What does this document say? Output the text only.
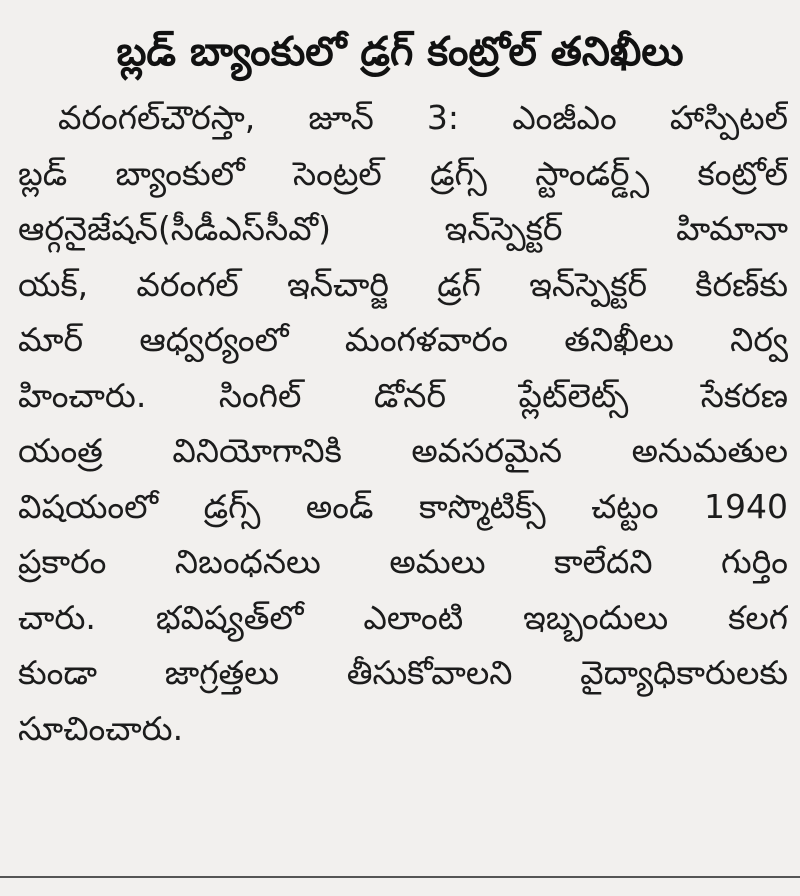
బ్లడ్ బ్యాంకులో డ్రగ్ కంట్రోల్ తనిఖీలు
వరంగల్‌చౌరస్తా, జూన్ 3: ఎంజీఎం హాస్పిటల్
బ్లడ్ బ్యాంకులో సెంట్రల్ డ్రగ్స్ స్టాండర్డ్స్ కంట్రోల్
ఆర్గనైజేషన్(సీడీఎస్‌సీవో) ఇన్‌స్పెక్టర్ హిమానా
యక్, వరంగల్ ఇన్‌చార్జి డ్రగ్ ఇన్‌స్పెక్టర్ కిరణ్‌కు
మార్ ఆధ్వర్యంలో మంగళవారం తనిఖీలు నిర్వ
హించారు. సింగిల్ డోనర్ ప్లేట్‌లెట్స్ సేకరణ
యంత్ర వినియోగానికి అవసరమైన అనుమతుల
విషయంలో డ్రగ్స్ అండ్ కాస్మొటిక్స్ చట్టం 1940
ప్రకారం నిబంధనలు అమలు కాలేదని గుర్తిం
చారు. భవిష్యత్‌లో ఎలాంటి ఇబ్బందులు కలగ
కుండా జాగ్రత్తలు తీసుకోవాలని వైద్యాధికారులకు
సూచించారు.
